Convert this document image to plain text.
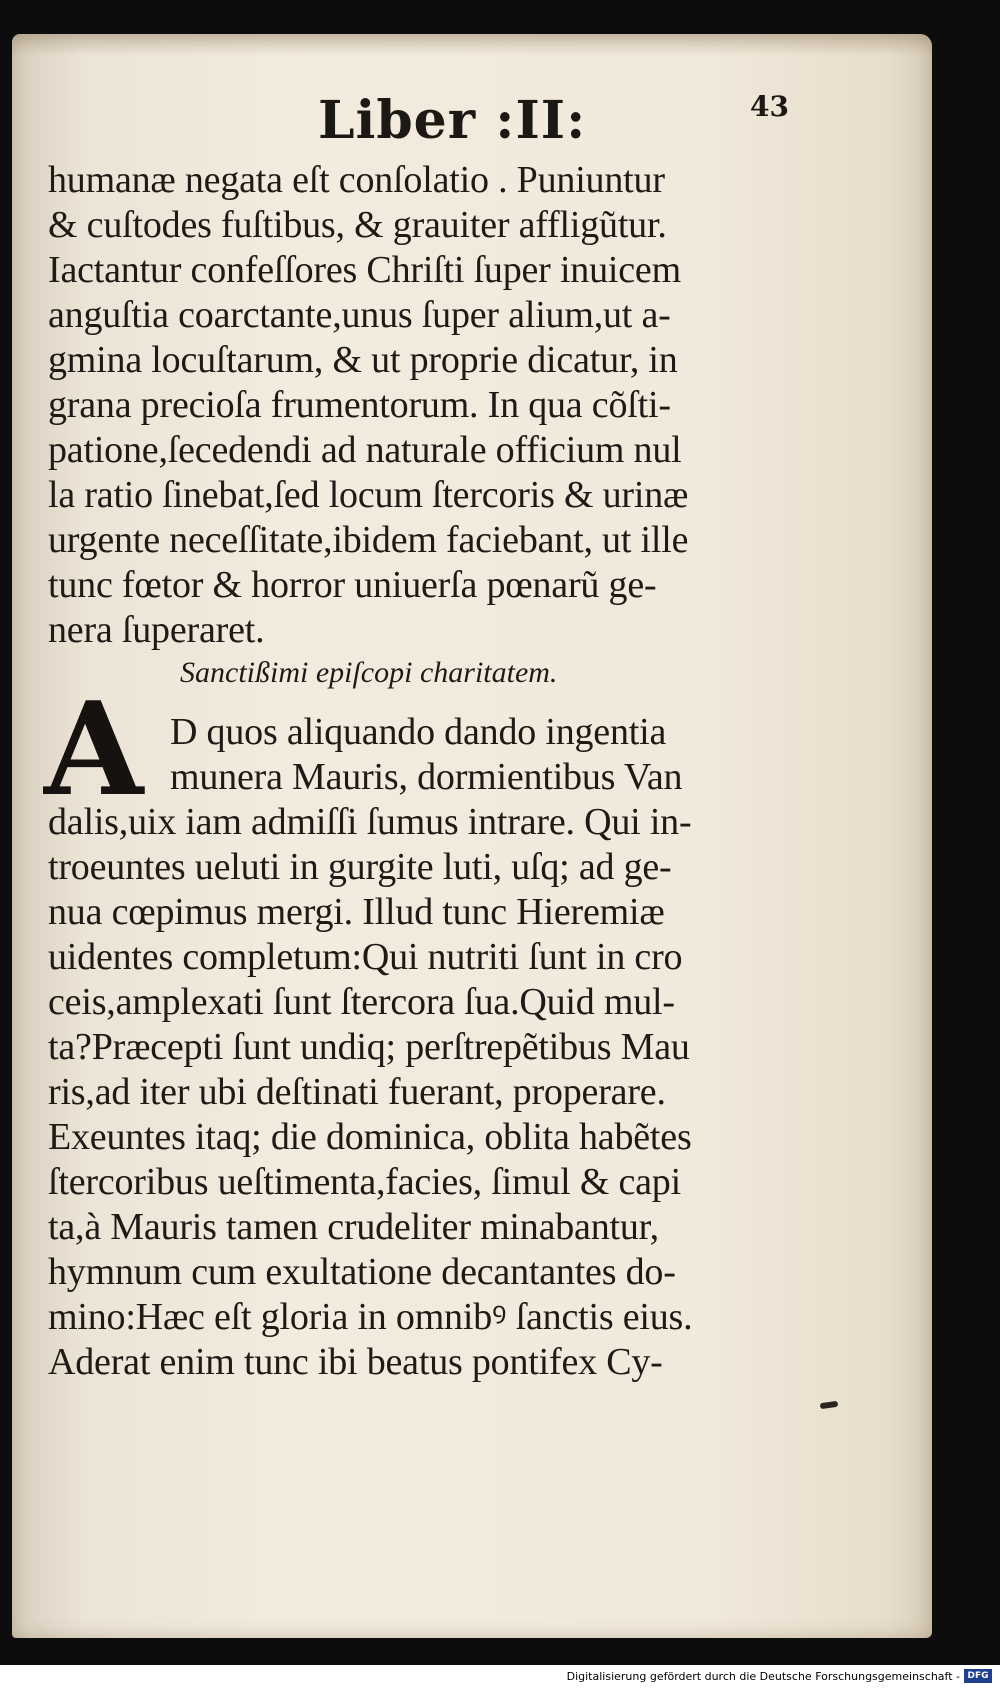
Liber :II:	43
humanæ negata eſt conſolatio . Puniuntur
& cuſtodes fuſtibus, & grauiter affligũtur.
Iactantur confeſſores Chriſti ſuper inuicem
anguſtia coarctante,unus ſuper alium,ut a-
gmina locuſtarum, & ut proprie dicatur, in
grana precioſa frumentorum. In qua cõſti-
patione,ſecedendi ad naturale officium nul
la ratio ſinebat,ſed locum ſtercoris & urinæ
urgente neceſſitate,ibidem faciebant, ut ille
tunc fœtor & horror uniuerſa pœnarũ ge-
nera ſuperaret.
Sanctißimi epiſcopi charitatem.
A D quos aliquando dando ingentia
munera Mauris, dormientibus Van
dalis,uix iam admiſſi ſumus intrare. Qui in-
troeuntes ueluti in gurgite luti, uſq; ad ge-
nua cœpimus mergi. Illud tunc Hieremiæ
uidentes completum:Qui nutriti ſunt in cro
ceis,amplexati ſunt ſtercora ſua.Quid mul-
ta?Præcepti ſunt undiq; perſtrepẽtibus Mau
ris,ad iter ubi deſtinati fuerant, properare.
Exeuntes itaq; die dominica, oblita habẽtes
ſtercoribus ueſtimenta,facies, ſimul & capi
ta,à Mauris tamen crudeliter minabantur,
hymnum cum exultatione decantantes do-
mino:Hæc eſt gloria in omnibꝰ ſanctis eius.
Aderat enim tunc ibi beatus pontifex Cy-
Digitalisierung gefördert durch die Deutsche Forschungsgemeinschaft - DFG
